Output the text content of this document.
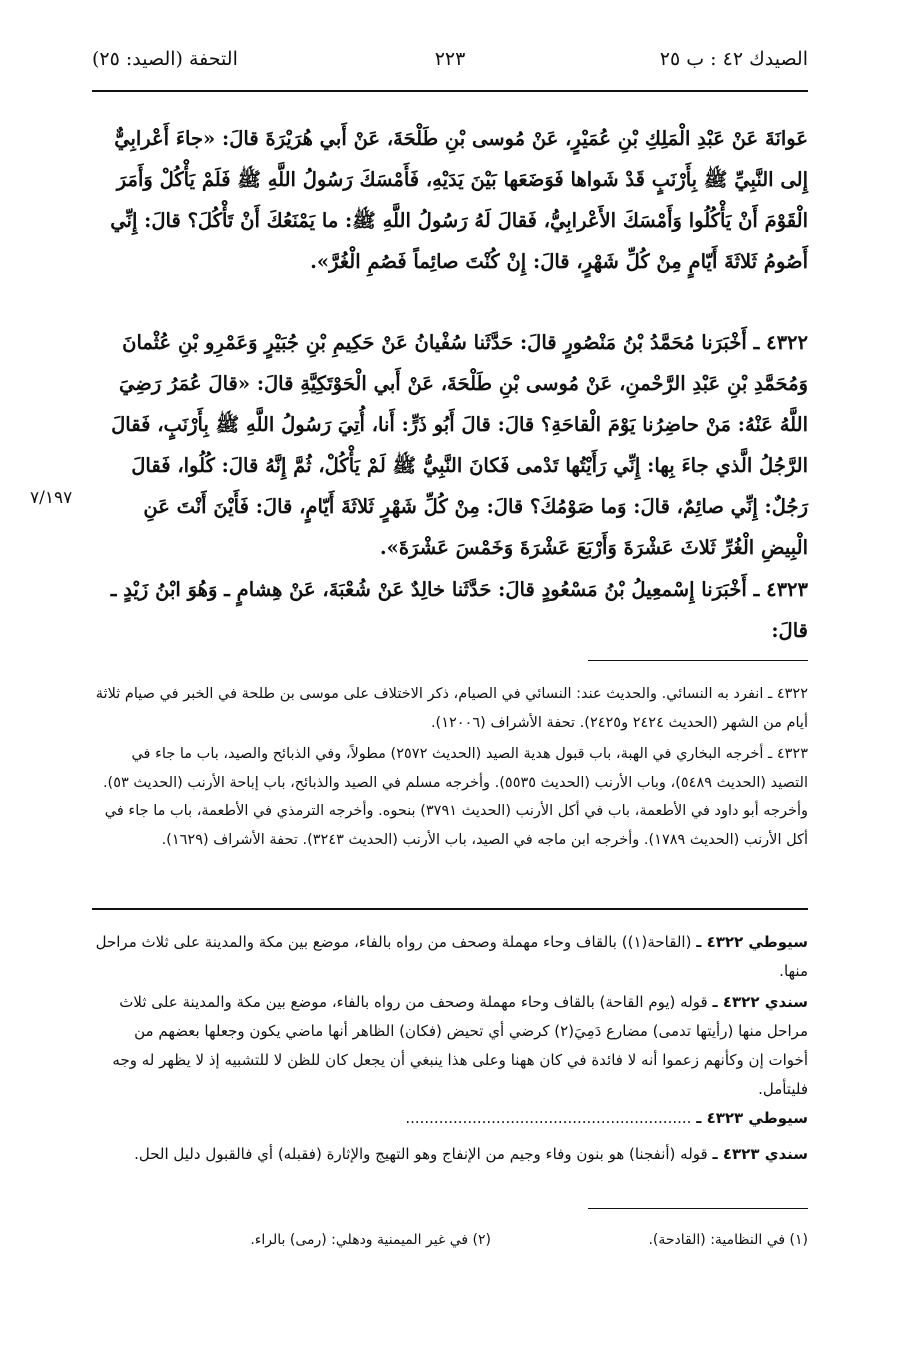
التحفة (الصيد: ٢٥)	٢٢٣	الصيدك ٤٢ : ب ٢٥
عَوانَةَ عَنْ عَبْدِ الْمَلِكِ بْنِ عُمَيْرٍ، عَنْ مُوسى بْنِ طَلْحَةَ، عَنْ أَبي هُرَيْرَةَ قالَ: «جاءَ أَعْرابِيٌّ إِلى النَّبِيِّ ﷺ بِأَرْنَبٍ قَدْ شَواها فَوَضَعَها بَيْنَ يَدَيْهِ، فَأَمْسَكَ رَسُولُ اللَّهِ ﷺ فَلَمْ يَأْكُلْ وَأَمَرَ الْقَوْمَ أَنْ يَأْكُلُوا وَأَمْسَكَ الأَعْرابِيُّ، فَقالَ لَهُ رَسُولُ اللَّهِ ﷺ: ما يَمْنَعُكَ أَنْ تَأْكُلَ؟ قالَ: إِنِّي أَصُومُ ثَلاثَةَ أَيّامٍ مِنْ كُلِّ شَهْرٍ، قالَ: إِنْ كُنْتَ صائِماً فَصُمِ الْغُرَّ».
٤٣٢٢ ـ أَخْبَرَنا مُحَمَّدُ بْنُ مَنْصُورٍ قالَ: حَدَّثَنا سُفْيانُ عَنْ حَكِيمِ بْنِ جُبَيْرٍ وَعَمْرِو بْنِ عُثْمانَ وَمُحَمَّدِ بْنِ عَبْدِ الرَّحْمنِ، عَنْ مُوسى بْنِ طَلْحَةَ، عَنْ أَبي الْحَوْتَكِيَّةِ قالَ: «قالَ عُمَرُ رَضِيَ اللَّهُ عَنْهُ: مَنْ حاضِرُنا يَوْمَ الْقاحَةِ؟ قالَ: قالَ أَبُو ذَرٍّ: أَنا، أُتِيَ رَسُولُ اللَّهِ ﷺ بِأَرْنَبٍ، فَقالَ الرَّجُلُ الَّذي جاءَ بِها: إِنِّي رَأَيْتُها تَدْمى فَكانَ النَّبِيُّ ﷺ لَمْ يَأْكُلْ، ثُمَّ إِنَّهُ قالَ: كُلُوا، فَقالَ رَجُلٌ: إِنِّي صائِمٌ، قالَ: وَما صَوْمُكَ؟ قالَ: مِنْ كُلِّ شَهْرٍ ثَلاثَةَ أَيّامٍ، قالَ: فَأَيْنَ أَنْتَ عَنِ الْبِيضِ الْغُرِّ ثَلاثَ عَشْرَةَ وَأَرْبَعَ عَشْرَةَ وَخَمْسَ عَشْرَةَ».
٧/١٩٧
٤٣٢٣ ـ أَخْبَرَنا إِسْمعِيلُ بْنُ مَسْعُودٍ قالَ: حَدَّثَنا خالِدٌ عَنْ شُعْبَةَ، عَنْ هِشامٍ ـ وَهُوَ ابْنُ زَيْدٍ ـ قالَ:
٤٣٢٢ ـ انفرد به النسائي. والحديث عند: النسائي في الصيام، ذكر الاختلاف على موسى بن طلحة في الخبر في صيام ثلاثة أيام من الشهر (الحديث ٢٤٢٤ و٢٤٢٥). تحفة الأشراف (١٢٠٠٦).
٤٣٢٣ ـ أخرجه البخاري في الهبة، باب قبول هدية الصيد (الحديث ٢٥٧٢) مطولاً، وفي الذبائح والصيد، باب ما جاء في التصيد (الحديث ٥٤٨٩)، وباب الأرنب (الحديث ٥٥٣٥). وأخرجه مسلم في الصيد والذبائح، باب إباحة الأرنب (الحديث ٥٣). وأخرجه أبو داود في الأطعمة، باب في أكل الأرنب (الحديث ٣٧٩١) بنحوه. وأخرجه الترمذي في الأطعمة، باب ما جاء في أكل الأرنب (الحديث ١٧٨٩). وأخرجه ابن ماجه في الصيد، باب الأرنب (الحديث ٣٢٤٣). تحفة الأشراف (١٦٢٩).
سيوطي ٤٣٢٢ ـ (القاحة(١)) بالقاف وحاء مهملة وصحف من رواه بالفاء، موضع بين مكة والمدينة على ثلاث مراحل منها.
سندي ٤٣٢٢ ـ قوله (يوم القاحة) بالقاف وحاء مهملة وصحف من رواه بالفاء، موضع بين مكة والمدينة على ثلاث مراحل منها (رأيتها تدمى) مضارع دَمِيَ(٢) كرضي أي تحيض (فكان) الظاهر أنها ماضي يكون وجعلها بعضهم من أخوات إن وكأنهم زعموا أنه لا فائدة في كان ههنا وعلى هذا ينبغي أن يجعل كان للظن لا للتشبيه إذ لا يظهر له وجه فليتأمل.
سيوطي ٤٣٢٣ ـ ............................................................
سندي ٤٣٢٣ ـ قوله (أنفجنا) هو بنون وفاء وجيم من الإنفاج وهو التهيج والإثارة (فقبله) أي فالقبول دليل الحل.
(١) في النظامية: (القادحة).
(٢) في غير الميمنية ودهلي: (رمى) بالراء.
